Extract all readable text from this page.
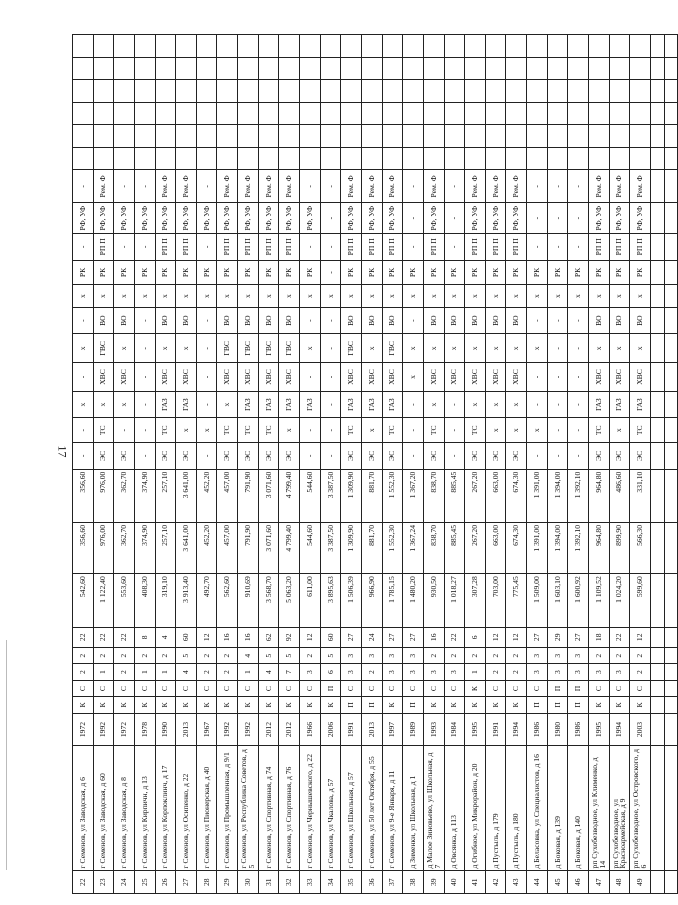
17
22	г Семенов, ул Заводская, д 6	1972	К	С	2	2	22	542,60	356,60	356,60	-	-	х	-	х	-	х	РК	-	РФ, УФ	-						
23	г Семенов, ул Заводская, д 60	1992	К	С	1	2	22	1 122,40	976,00	976,00	ЭС	ТС	х	ХВС	ГВС	ВО	х	РК	РП П	РФ, УФ	Рем. Ф						
24	г Семенов, ул Заводская, д 8	1972	К	С	2	2	22	553,60	362,70	362,70	ЭС	-	х	ХВС	х	ВО	х	РК	-	РФ, УФ	-						
25	г Семенов, ул Кирпичн, д 13	1978	К	С	1	2	8	408,30	374,90	374,90	-	-	-	-	-	-	х	РК	-	РФ, УФ	-						
26	г Семенов, ул Корпоклинч, д 17	1990	К	С	1	2	4	319,10	257,10	257,10	ЭС	ТС	ГАЗ	ХВС	х	ВО	х	РК	РП П	РФ, УФ	Рем. Ф						
27	г Семенов, ул Осипенко, д 22	2013	К	С	4	5	60	3 913,40	3 641,00	3 641,00	ЭС	х	ГАЗ	ХВС	х	ВО	х	РК	РП П	РФ, УФ	Рем. Ф						
28	г Семенов, ул Пионерская, д 40	1967	К	С	2	2	12	492,70	452,20	452,20	-	х	-	-	-	-	х	РК	-	РФ, УФ	-						
29	г Семенов, ул Промышленная, д 9/1	1992	К	С	2	2	16	562,60	457,00	457,00	ЭС	ТС	х	ХВС	ГВС	ВО	х	РК	РП П	РФ, УФ	Рем. Ф						
30	г Семенов, ул Республика Советов, д 5	1992	К	С	1	4	16	910,69	791,90	791,90	ЭС	ТС	ГАЗ	ХВС	ГВС	ВО	х	РК	РП П	РФ, УФ	Рем. Ф						
31	г Семенов, ул Спортивная, д 74	2012	К	С	4	5	62	3 568,70	3 071,60	3 071,60	ЭС	ТС	ГАЗ	ХВС	ГВС	ВО	х	РК	РП П	РФ, УФ	Рем. Ф						
32	г Семенов, ул Спортивная, д 76	2012	К	С	7	5	92	5 063,20	4 799,40	4 799,40	ЭС	х	ГАЗ	ХВС	ГВС	ВО	х	РК	РП П	РФ, УФ	Рем. Ф						
33	г Семенов, ул Чернышевского, д 22	1966	К	С	3	2	12	611,00	544,60	544,60	-	-	ГАЗ	-	х	-	х	РК	-	РФ, УФ	-						
34	г Семенов, ул Чкалова, д 57	2006	К	П	6	5	60	3 895,63	3 387,50	3 387,50	-	-	-	-	-	-	х	-	-	-	-						
35	г Семенов, ул Школьная, д 57	1991	П	С	3	3	27	1 506,39	1 309,90	1 309,90	ЭС	ТС	ГАЗ	ХВС	ГВС	ВО	х	РК	РП П	РФ, УФ	Рем. Ф						
36	г Семенов, ул 50 лет Октября, д 55	2013	П	С	2	3	24	966,90	881,70	881,70	ЭС	х	ГАЗ	ХВС	х	ВО	х	РК	РП П	РФ, УФ	Рем. Ф						
37	г Семенов, ул 9-е Января, д 11	1997	К	С	3	3	27	1 785,15	1 552,30	1 552,30	ЭС	ТС	ГАЗ	ХВС	ГВС	ВО	х	РК	РП П	РФ, УФ	Рем. Ф						
38	д Зименки, ул Школьная, д 1	1989	П	С	3	3	27	1 480,20	1 367,24	1 367,20	-	-	-	х	х	-	х	РК	-	-	-						
39	д Малое Зиновьево, ул Школьная, д 7	1993	К	С	3	2	16	930,50	838,70	838,70	ЭС	ТС	х	ХВС	х	ВО	х	РК	РП П	РФ, УФ	Рем. Ф						
40	д Овсянка, д 113	1984	К	С	3	2	22	1 018,27	885,45	885,45	-	-	-	ХВС	х	ВО	х	РК	-	-	-						
41	д Огибное, ул Микрорайон, д 20	1995	К	К	1	2	6	307,28	267,20	267,20	ЭС	ТС	х	ХВС	х	ВО	х	РК	РП П	РФ, УФ	Рем. Ф						
42	д Пустыль, д 179	1991	К	С	2	2	12	703,00	663,00	663,00	ЭС	х	х	ХВС	х	ВО	х	РК	РП П	РФ, УФ	Рем. Ф						
43	д Пустыль, д 180	1994	К	С	2	2	12	775,45	674,30	674,30	ЭС	х	х	ХВС	х	ВО	х	РК	РП П	РФ, УФ	Рем. Ф						
44	д Беласовка, ул Специалистов, д 16	1986	П	С	3	3	27	1 509,00	1 391,00	1 391,00	-	х	-	-	х	-	х	РК	-	-	-						
45	д Боковая, д 139	1980	П	П	3	3	29	1 603,10	1 394,00	1 394,00	-	-	-	-	-	-	х	РК	-	-	-						
46	д Боковая, д 140	1986	П	П	3	3	27	1 600,92	1 392,10	1 392,10	-	-	-	-	-	-	х	РК	-	-	-						
47	рп Сухобезводное, ул Клименко, д 14	1995	К	С	3	2	18	1 109,52	964,80	964,80	ЭС	ТС	ГАЗ	ХВС	х	ВО	х	РК	РП П	РФ, УФ	Рем. Ф						
48	рп Сухобезводное, ул Красноармейская, д 9	1994	К	С	3	2	22	1 024,20	899,90	486,60	ЭС	х	ГАЗ	ХВС	х	ВО	х	РК	РП П	РФ, УФ	Рем. Ф						
49	рп Сухобезводное, ул Островского, д 6	2003	К	С	2	2	12	599,60	566,30	331,10	ЭС	ТС	ГАЗ	ХВС	х	ВО	х	РК	РП П	РФ, УФ	Рем. Ф						
